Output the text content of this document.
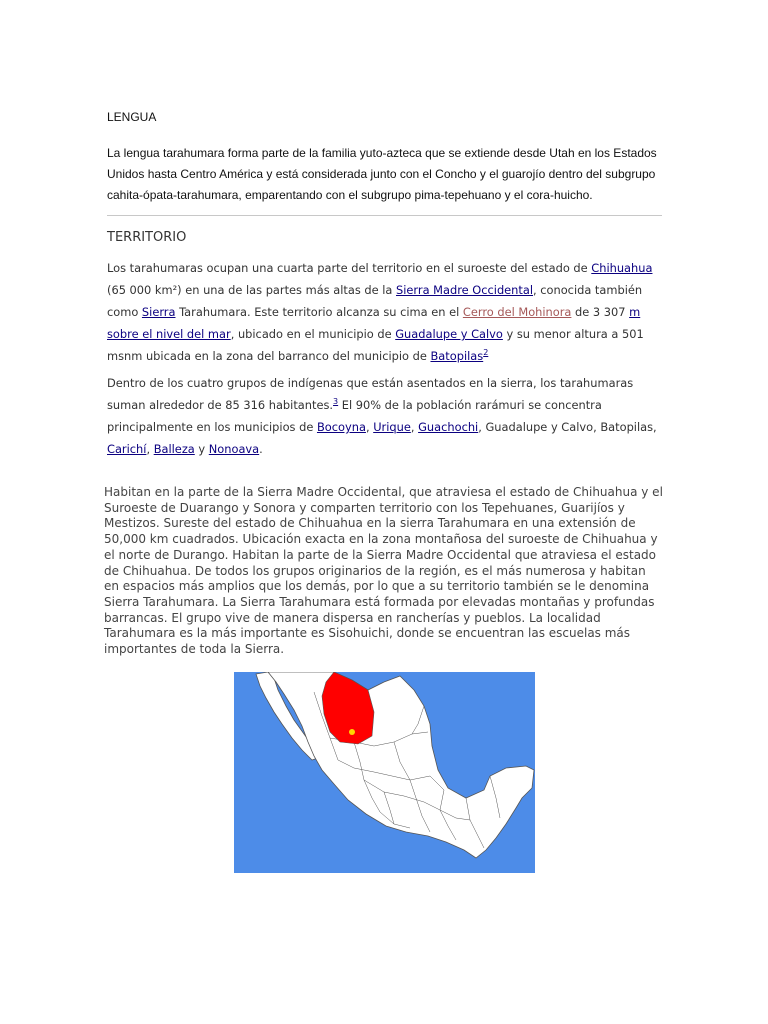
LENGUA

La lengua tarahumara forma parte de la familia yuto-azteca que se extiende desde Utah en los Estados Unidos hasta Centro América y está considerada junto con el Concho y el guarojío dentro del subgrupo cahita-ópata-tarahumara, emparentando con el subgrupo pima-tepehuano y el cora-huicho.

TERRITORIO

Los tarahumaras ocupan una cuarta parte del territorio en el suroeste del estado de Chihuahua (65 000 km²) en una de las partes más altas de la Sierra Madre Occidental, conocida también como Sierra Tarahumara. Este territorio alcanza su cima en el Cerro del Mohinora de 3 307 m sobre el nivel del mar, ubicado en el municipio de Guadalupe y Calvo y su menor altura a 501 msnm ubicada en la zona del barranco del municipio de Batopilas$^2$

Dentro de los cuatro grupos de indígenas que están asentados en la sierra, los tarahumaras suman alrededor de 85 316 habitantes.$^3$ El 90% de la población rarámuri se concentra principalmente en los municipios de Bocoyna, Urique, Guachochi, Guadalupe y Calvo, Batopilas, Carichí, Balleza y Nonoava.

Habitan en la parte de la Sierra Madre Occidental, que atraviesa el estado de Chihuahua y el Suroeste de Duarango y Sonora y comparten territorio con los Tepehuanes, Guarijíos y Mestizos. Sureste del estado de Chihuahua en la sierra Tarahumara en una extensión de 50,000 km cuadrados. Ubicación exacta en la zona montañosa del suroeste de Chihuahua y el norte de Durango. Habitan la parte de la Sierra Madre Occidental que atraviesa el estado de Chihuahua. De todos los grupos originarios de la región, es el más numerosa y habitan en espacios más amplios que los demás, por lo que a su territorio también se le denomina Sierra Tarahumara. La Sierra Tarahumara está formada por elevadas montañas y profundas barrancas. El grupo vive de manera dispersa en rancherías y pueblos. La localidad Tarahumara es la más importante es Sisohuichi, donde se encuentran las escuelas más importantes de toda la Sierra.
